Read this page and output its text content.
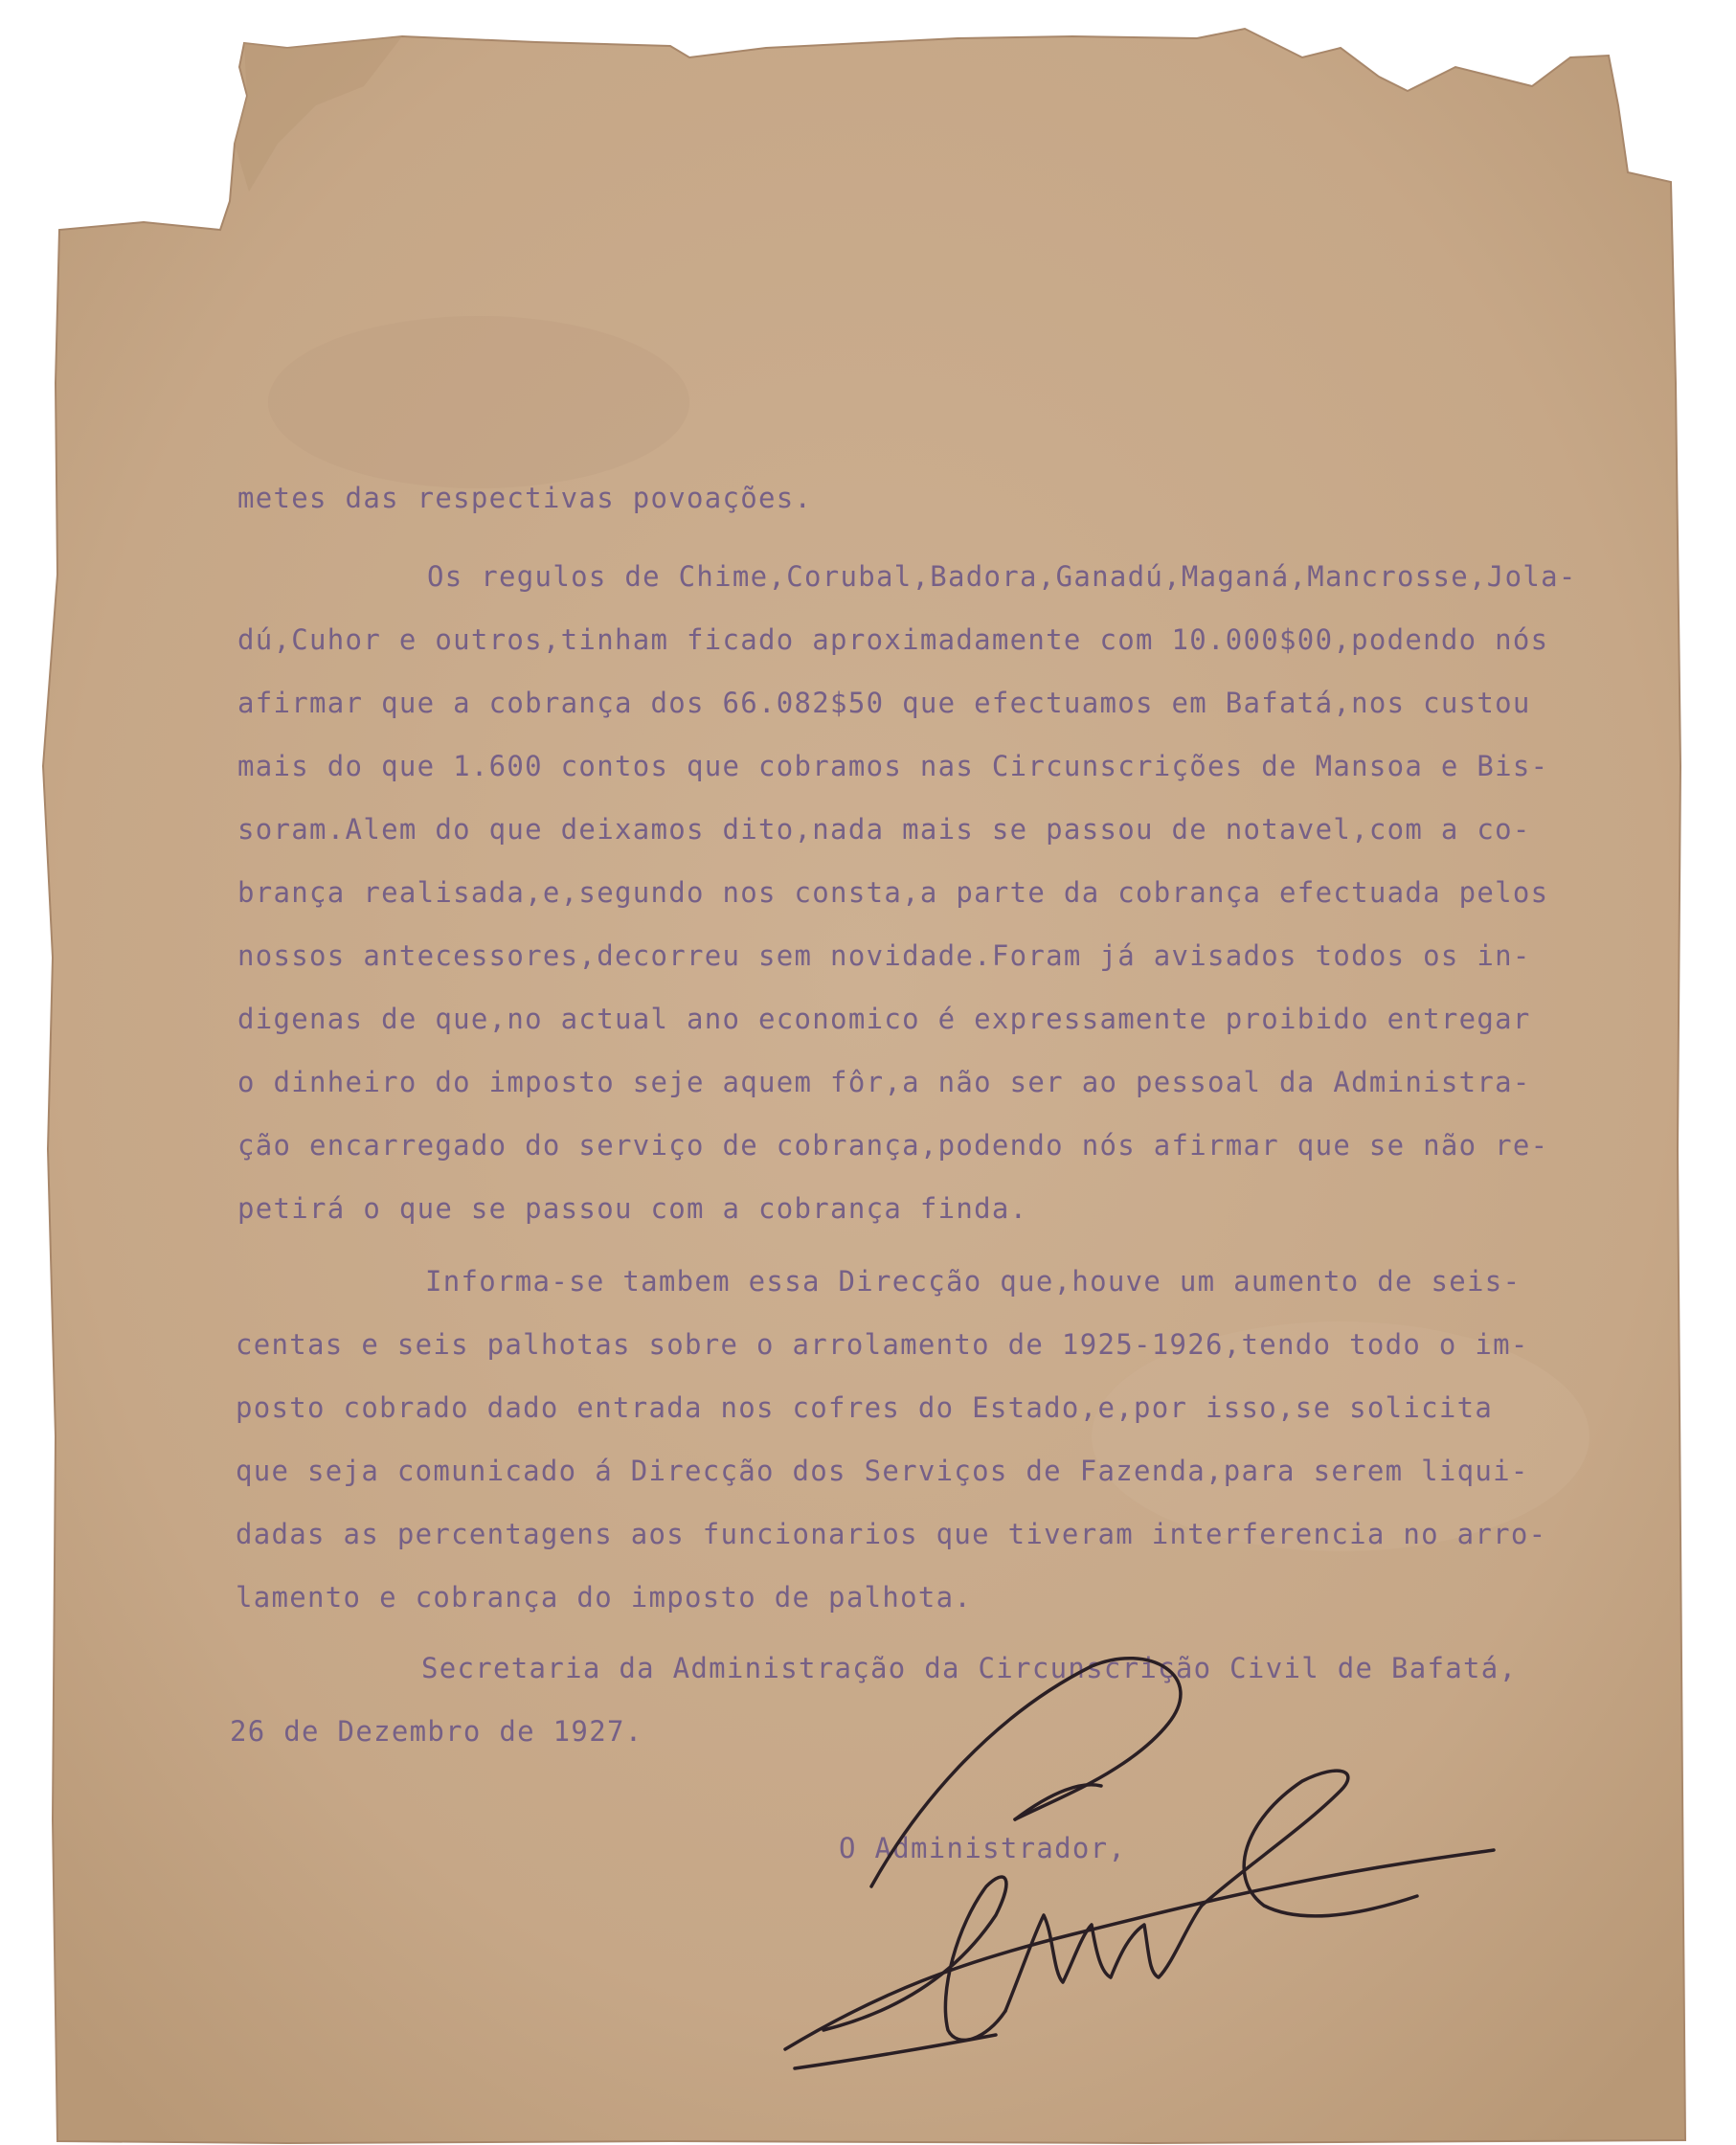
metes das respectivas povoações.
Os regulos de Chime,Corubal,Badora,Ganadú,Maganá,Mancrosse,Jola-
dú,Cuhor e outros,tinham ficado aproximadamente com 10.000$00,podendo nós
afirmar que a cobrança dos 66.082$50 que efectuamos em Bafatá,nos custou
mais do que 1.600 contos que cobramos nas Circunscrições de Mansoa e Bis-
soram.Alem do que deixamos dito,nada mais se passou de notavel,com a co-
brança realisada,e,segundo nos consta,a parte da cobrança efectuada pelos
nossos antecessores,decorreu sem novidade.Foram já avisados todos os in-
digenas de que,no actual ano economico é expressamente proibido entregar
o dinheiro do imposto seje aquem fôr,a não ser ao pessoal da Administra-
ção encarregado do serviço de cobrança,podendo nós afirmar que se não re-
petirá o que se passou com a cobrança finda.
Informa-se tambem essa Direcção que,houve um aumento de seis-
centas e seis palhotas sobre o arrolamento de 1925-1926,tendo todo o im-
posto cobrado dado entrada nos cofres do Estado,e,por isso,se solicita
que seja comunicado á Direcção dos Serviços de Fazenda,para serem liqui-
dadas as percentagens aos funcionarios que tiveram interferencia no arro-
lamento e cobrança do imposto de palhota.
Secretaria da Administração da Circunscrição Civil de Bafatá,
26 de Dezembro de 1927.
O Administrador,
